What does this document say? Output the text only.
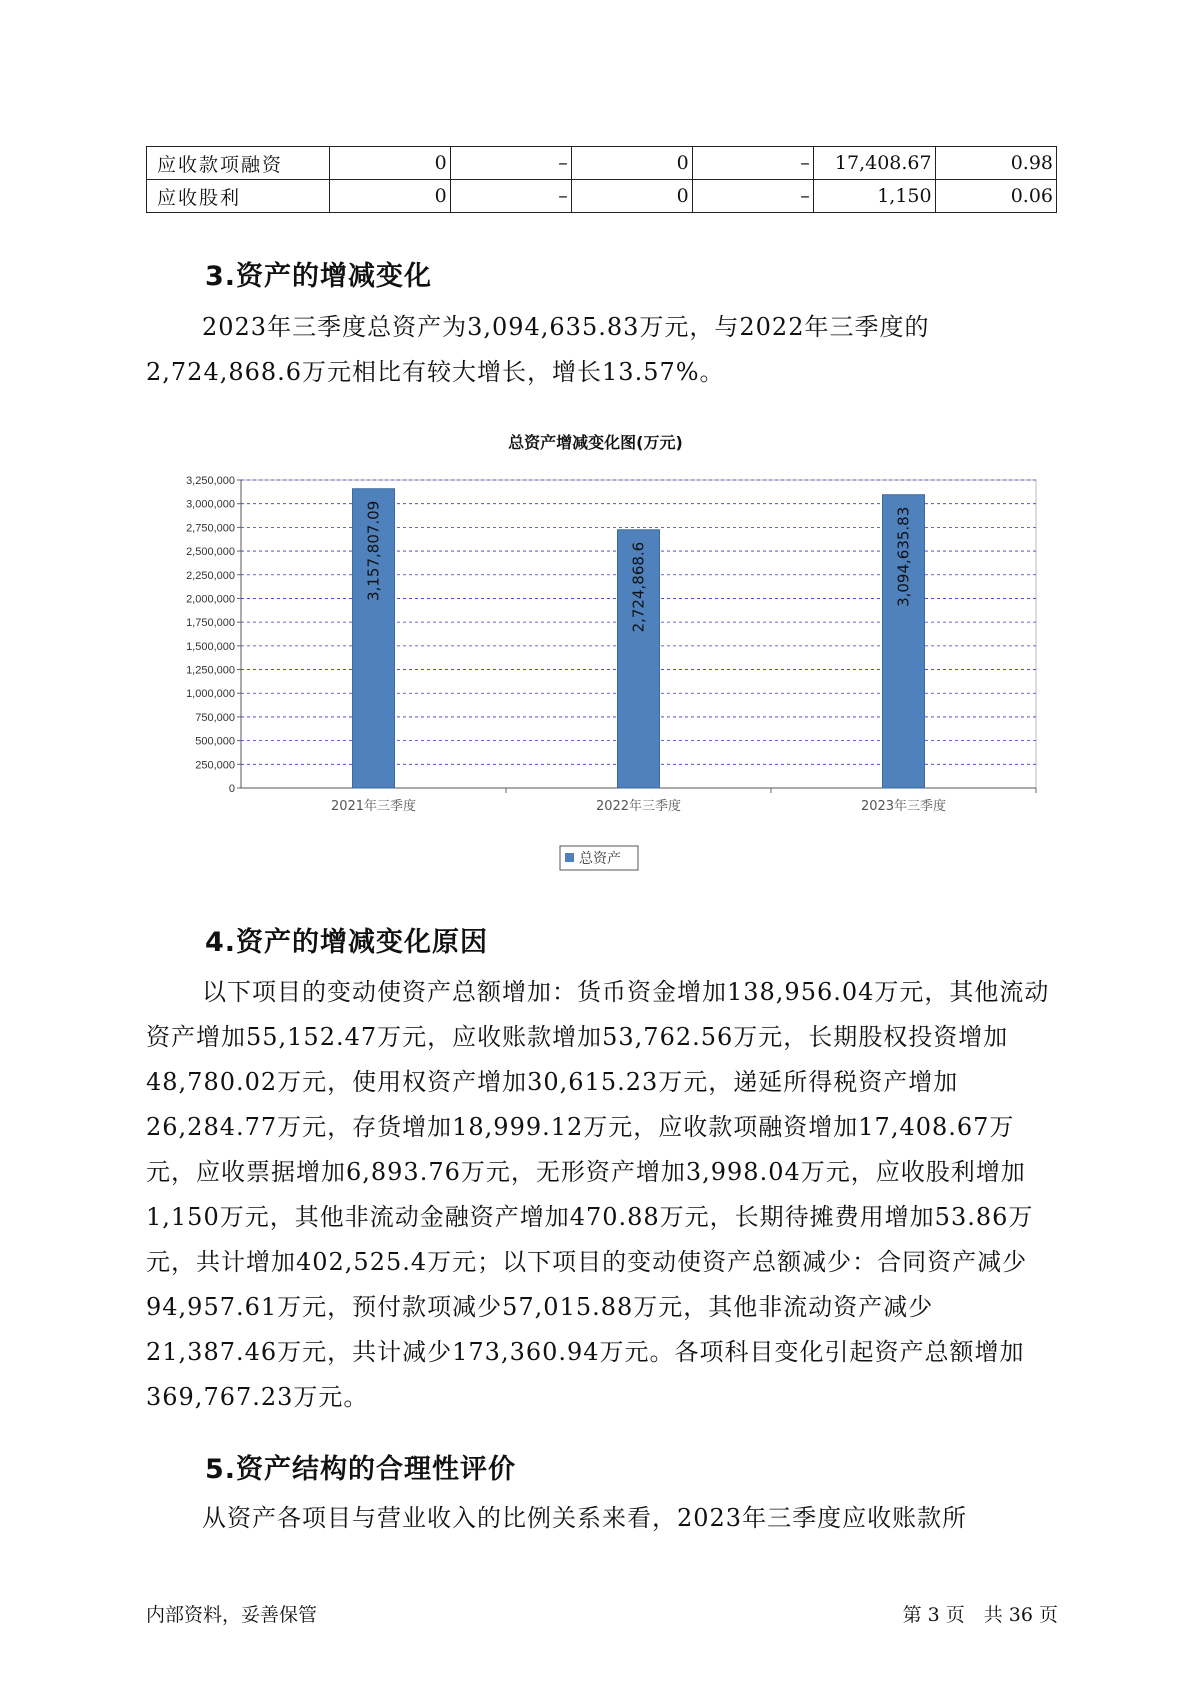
应收款项融资	0	–	0	–	17,408.67	0.98
应收股利	0	–	0	–	1,150	0.06
3.资产的增减变化

2023年三季度总资产为3,094,635.83万元，与2022年三季度的2,724,868.6万元相比有较大增长，增长13.57%。

总资产增减变化图(万元)
0
250,000
500,000
750,000
1,000,000
1,250,000
1,500,000
1,750,000
2,000,000
2,250,000
2,500,000
2,750,000
3,000,000
3,250,000
3,157,807.09
2021年三季度
2,724,868.6
2022年三季度
3,094,635.83
2023年三季度
总资产
4.资产的增减变化原因

以下项目的变动使资产总额增加：货币资金增加138,956.04万元，其他流动资产增加55,152.47万元，应收账款增加53,762.56万元，长期股权投资增加48,780.02万元，使用权资产增加30,615.23万元，递延所得税资产增加26,284.77万元，存货增加18,999.12万元，应收款项融资增加17,408.67万元，应收票据增加6,893.76万元，无形资产增加3,998.04万元，应收股利增加1,150万元，其他非流动金融资产增加470.88万元，长期待摊费用增加53.86万元，共计增加402,525.4万元；以下项目的变动使资产总额减少：合同资产减少94,957.61万元，预付款项减少57,015.88万元，其他非流动资产减少21,387.46万元，共计减少173,360.94万元。各项科目变化引起资产总额增加369,767.23万元。

5.资产结构的合理性评价

从资产各项目与营业收入的比例关系来看，2023年三季度应收账款所

内部资料，妥善保管	第 3 页　共 36 页
